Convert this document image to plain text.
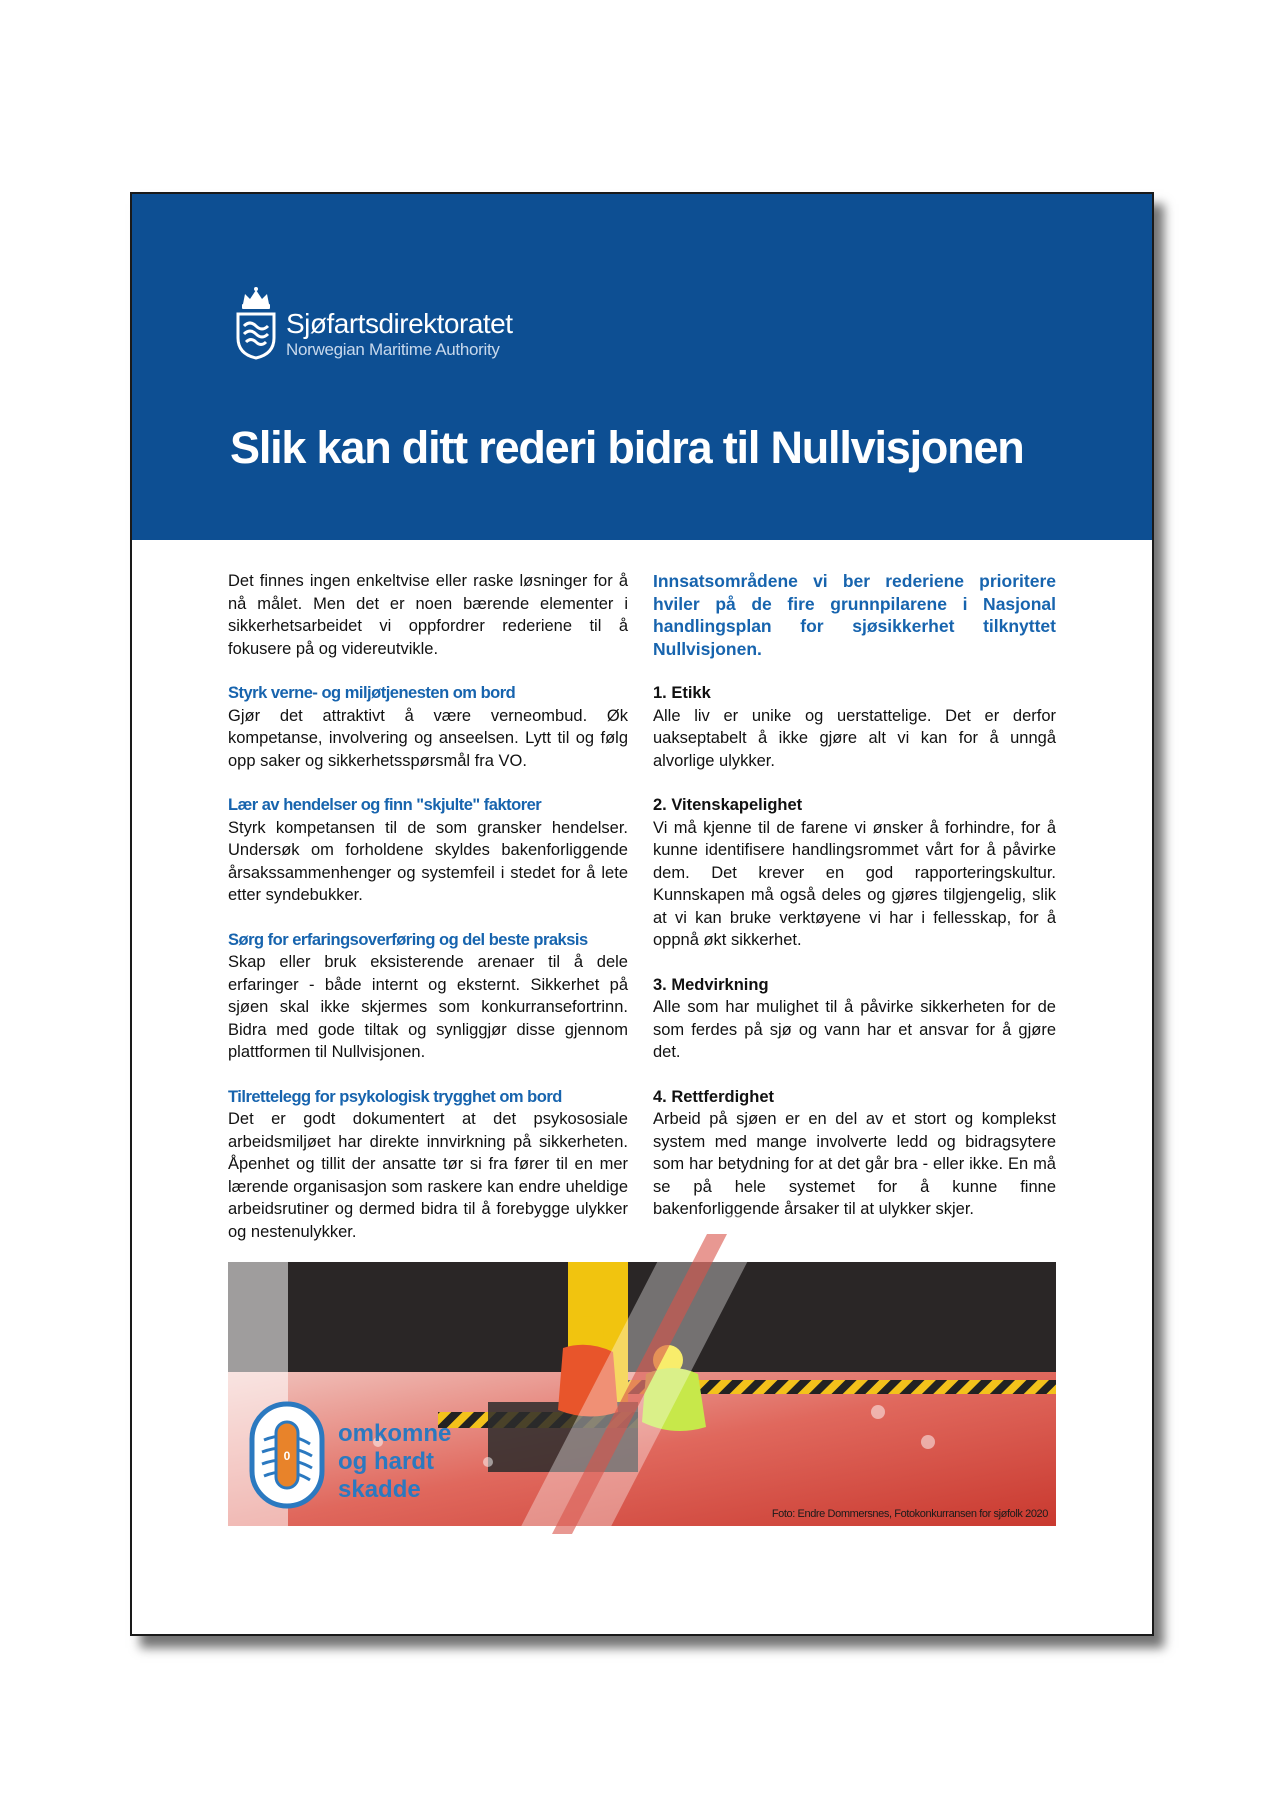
Sjøfartsdirektoratet
Norwegian Maritime Authority
Slik kan ditt rederi bidra til Nullvisjonen

Det finnes ingen enkeltvise eller raske løsninger for å nå målet. Men det er noen bærende elementer i sikkerhetsarbeidet vi oppfordrer rederiene til å fokusere på og videreutvikle.

Styrk verne- og miljøtjenesten om bord

Gjør det attraktivt å være verneombud. Øk kompetanse, involvering og anseelsen. Lytt til og følg opp saker og sikkerhetsspørsmål fra VO.

Lær av hendelser og finn "skjulte" faktorer

Styrk kompetansen til de som gransker hendelser. Undersøk om forholdene skyldes bakenforliggende årsakssammenhenger og systemfeil i stedet for å lete etter syndebukker.

Sørg for erfaringsoverføring og del beste praksis

Skap eller bruk eksisterende arenaer til å dele erfaringer - både internt og eksternt. Sikkerhet på sjøen skal ikke skjermes som konkurransefortrinn. Bidra med gode tiltak og synliggjør disse gjennom plattformen til Nullvisjonen.

Tilrettelegg for psykologisk trygghet om bord

Det er godt dokumentert at det psykososiale arbeidsmiljøet har direkte innvirkning på sikkerheten. Åpenhet og tillit der ansatte tør si fra fører til en mer lærende organisasjon som raskere kan endre uheldige arbeidsrutiner og dermed bidra til å forebygge ulykker og nestenulykker.

Innsatsområdene vi ber rederiene prioritere hviler på de fire grunnpilarene i Nasjonal handlingsplan for sjøsikkerhet tilknyttet Nullvisjonen.

1. Etikk

Alle liv er unike og uerstattelige. Det er derfor uakseptabelt å ikke gjøre alt vi kan for å unngå alvorlige ulykker.

2. Vitenskapelighet

Vi må kjenne til de farene vi ønsker å forhindre, for å kunne identifisere handlingsrommet vårt for å påvirke dem. Det krever en god rapporteringskultur. Kunnskapen må også deles og gjøres tilgjengelig, slik at vi kan bruke verktøyene vi har i fellesskap, for å oppnå økt sikkerhet.

3. Medvirkning

Alle som har mulighet til å påvirke sikkerheten for de som ferdes på sjø og vann har et ansvar for å gjøre det.

4. Rettferdighet

Arbeid på sjøen er en del av et stort og komplekst system med mange involverte ledd og bidragsytere som har betydning for at det går bra - eller ikke. En må se på hele systemet for å kunne finne bakenforliggende årsaker til at ulykker skjer.

0
omkomne
og hardt
skadde
Foto: Endre Dommersnes, Fotokonkurransen for sjøfolk 2020
